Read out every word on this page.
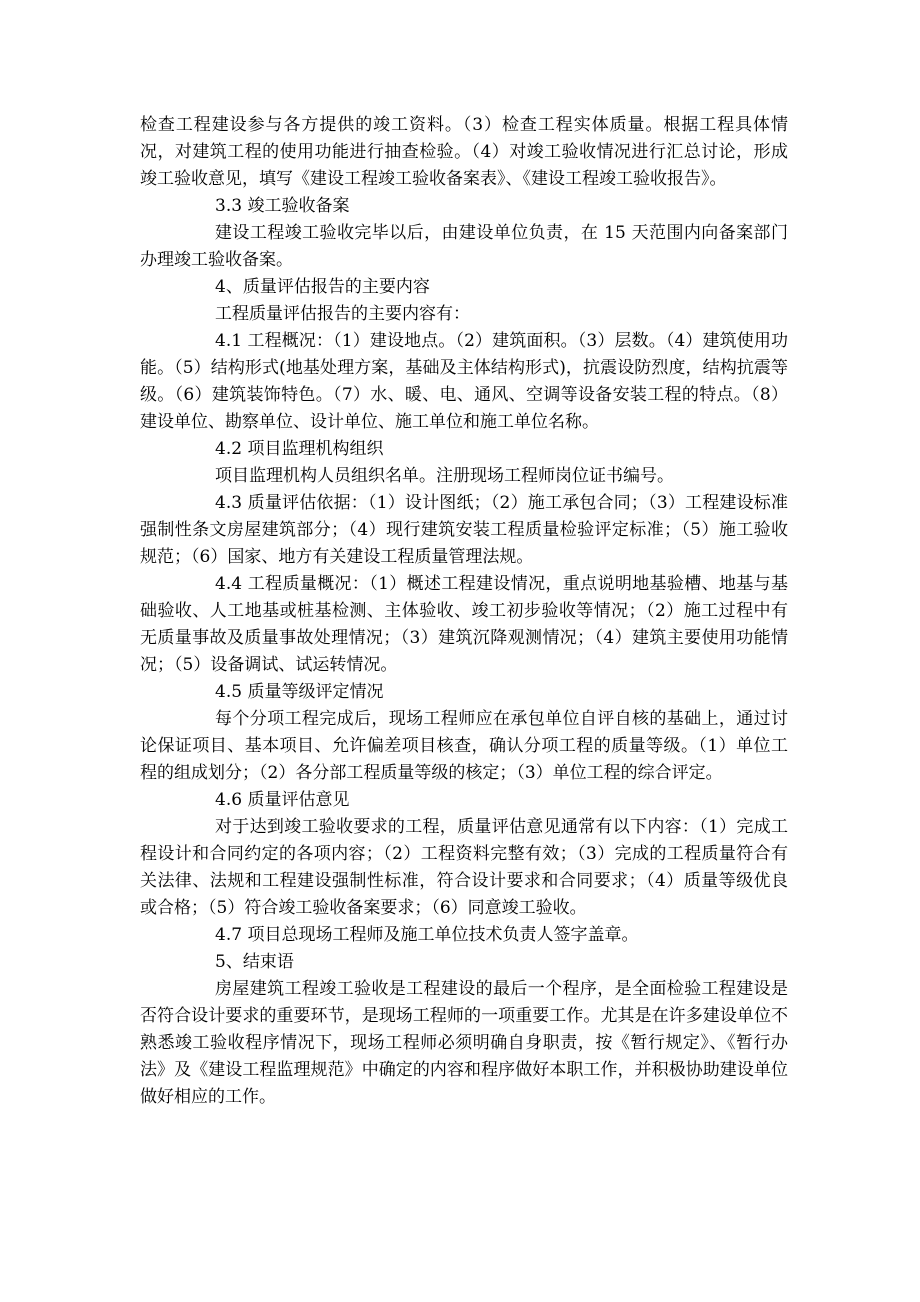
检查工程建设参与各方提供的竣工资料。（3）检查工程实体质量。根据工程具体情况，对建筑工程的使用功能进行抽查检验。（4）对竣工验收情况进行汇总讨论，形成竣工验收意见，填写《建设工程竣工验收备案表》、《建设工程竣工验收报告》。

3.3 竣工验收备案

建设工程竣工验收完毕以后，由建设单位负责，在 15 天范围内向备案部门办理竣工验收备案。

4、质量评估报告的主要内容

工程质量评估报告的主要内容有：

4.1 工程概况：（1）建设地点。（2）建筑面积。（3）层数。（4）建筑使用功能。（5）结构形式(地基处理方案，基础及主体结构形式)，抗震设防烈度，结构抗震等级。（6）建筑装饰特色。（7）水、暖、电、通风、空调等设备安装工程的特点。（8）建设单位、勘察单位、设计单位、施工单位和施工单位名称。

4.2 项目监理机构组织

项目监理机构人员组织名单。注册现场工程师岗位证书编号。

4.3 质量评估依据：（1）设计图纸；（2）施工承包合同；（3）工程建设标准强制性条文房屋建筑部分；（4）现行建筑安装工程质量检验评定标准；（5）施工验收规范；（6）国家、地方有关建设工程质量管理法规。

4.4 工程质量概况：（1）概述工程建设情况，重点说明地基验槽、地基与基础验收、人工地基或桩基检测、主体验收、竣工初步验收等情况；（2）施工过程中有无质量事故及质量事故处理情况；（3）建筑沉降观测情况；（4）建筑主要使用功能情况；（5）设备调试、试运转情况。

4.5 质量等级评定情况

每个分项工程完成后，现场工程师应在承包单位自评自核的基础上，通过讨论保证项目、基本项目、允许偏差项目核查，确认分项工程的质量等级。（1）单位工程的组成划分；（2）各分部工程质量等级的核定；（3）单位工程的综合评定。

4.6 质量评估意见

对于达到竣工验收要求的工程，质量评估意见通常有以下内容：（1）完成工程设计和合同约定的各项内容；（2）工程资料完整有效；（3）完成的工程质量符合有关法律、法规和工程建设强制性标准，符合设计要求和合同要求；（4）质量等级优良或合格；（5）符合竣工验收备案要求；（6）同意竣工验收。

4.7 项目总现场工程师及施工单位技术负责人签字盖章。

5、结束语

房屋建筑工程竣工验收是工程建设的最后一个程序，是全面检验工程建设是否符合设计要求的重要环节，是现场工程师的一项重要工作。尤其是在许多建设单位不熟悉竣工验收程序情况下，现场工程师必须明确自身职责，按《暂行规定》、《暂行办法》及《建设工程监理规范》中确定的内容和程序做好本职工作，并积极协助建设单位做好相应的工作。
